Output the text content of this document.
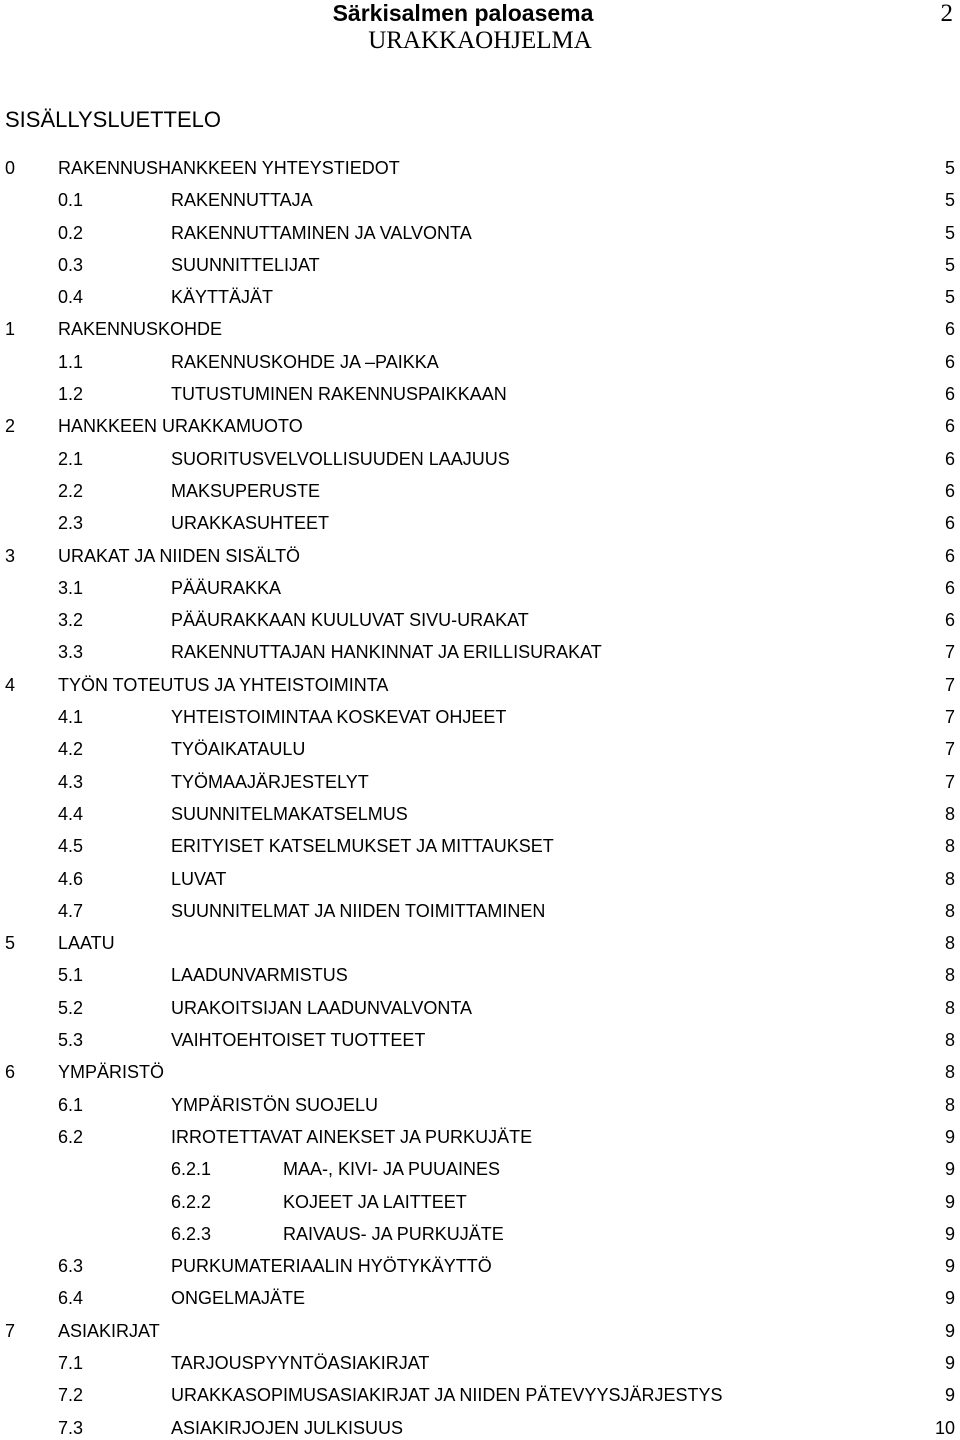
Särkisalmen paloasema	2
URAKKAOHJELMA
SISÄLLYSLUETTELO
0 RAKENNUSHANKKEEN YHTEYSTIEDOT	5
0.1	RAKENNUTTAJA	5
0.2	RAKENNUTTAMINEN JA VALVONTA	5
0.3	SUUNNITTELIJAT	5
0.4	KÄYTTÄJÄT	5
1 RAKENNUSKOHDE	6
1.1	RAKENNUSKOHDE JA –PAIKKA	6
1.2	TUTUSTUMINEN RAKENNUSPAIKKAAN	6
2 HANKKEEN URAKKAMUOTO	6
2.1	SUORITUSVELVOLLISUUDEN LAAJUUS	6
2.2	MAKSUPERUSTE	6
2.3	URAKKASUHTEET	6
3 URAKAT JA NIIDEN SISÄLTÖ	6
3.1	PÄÄURAKKA	6
3.2	PÄÄURAKKAAN KUULUVAT SIVU-URAKAT	6
3.3	RAKENNUTTAJAN HANKINNAT JA ERILLISURAKAT	7
4 TYÖN TOTEUTUS JA YHTEISTOIMINTA	7
4.1	YHTEISTOIMINTAA KOSKEVAT OHJEET	7
4.2	TYÖAIKATAULU	7
4.3	TYÖMAAJÄRJESTELYT	7
4.4	SUUNNITELMAKATSELMUS	8
4.5	ERITYISET KATSELMUKSET JA MITTAUKSET	8
4.6	LUVAT	8
4.7	SUUNNITELMAT JA NIIDEN TOIMITTAMINEN	8
5 LAATU	8
5.1	LAADUNVARMISTUS	8
5.2	URAKOITSIJAN LAADUNVALVONTA	8
5.3	VAIHTOEHTOISET TUOTTEET	8
6 YMPÄRISTÖ	8
6.1	YMPÄRISTÖN SUOJELU	8
6.2	IRROTETTAVAT AINEKSET JA PURKUJÄTE	9
6.2.1	MAA-, KIVI- JA PUUAINES	9
6.2.2	KOJEET JA LAITTEET	9
6.2.3	RAIVAUS- JA PURKUJÄTE	9
6.3	PURKUMATERIAALIN HYÖTYKÄYTTÖ	9
6.4	ONGELMAJÄTE	9
7 ASIAKIRJAT	9
7.1	TARJOUSPYYNTÖASIAKIRJAT	9
7.2	URAKKASOPIMUSASIAKIRJAT JA NIIDEN PÄTEVYYSJÄRJESTYS	9
7.3	ASIAKIRJOJEN JULKISUUS	10
